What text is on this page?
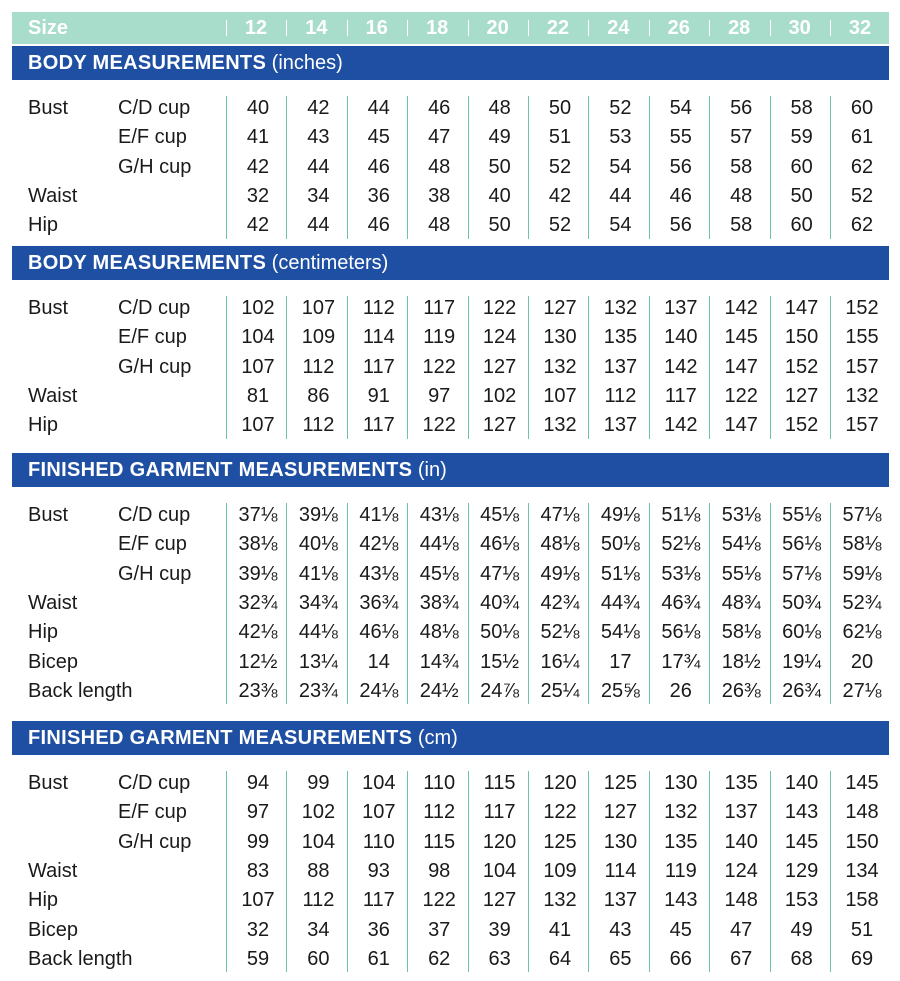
Size	12	14	16	18	20	22	24	26	28	30	32
BODY MEASUREMENTS (inches)
Bust C/D cup	40	42	44	46	48	50	52	54	56	58	60
E/F cup	41	43	45	47	49	51	53	55	57	59	61
G/H cup	42	44	46	48	50	52	54	56	58	60	62
Waist	32	34	36	38	40	42	44	46	48	50	52
Hip	42	44	46	48	50	52	54	56	58	60	62
BODY MEASUREMENTS (centimeters)
Bust C/D cup	102	107	112	117	122	127	132	137	142	147	152
E/F cup	104	109	114	119	124	130	135	140	145	150	155
G/H cup	107	112	117	122	127	132	137	142	147	152	157
Waist	81	86	91	97	102	107	112	117	122	127	132
Hip	107	112	117	122	127	132	137	142	147	152	157
FINISHED GARMENT MEASUREMENTS (in)
Bust C/D cup	37⅛	39⅛	41⅛	43⅛	45⅛	47⅛	49⅛	51⅛	53⅛	55⅛	57⅛
E/F cup	38⅛	40⅛	42⅛	44⅛	46⅛	48⅛	50⅛	52⅛	54⅛	56⅛	58⅛
G/H cup	39⅛	41⅛	43⅛	45⅛	47⅛	49⅛	51⅛	53⅛	55⅛	57⅛	59⅛
Waist	32¾	34¾	36¾	38¾	40¾	42¾	44¾	46¾	48¾	50¾	52¾
Hip	42⅛	44⅛	46⅛	48⅛	50⅛	52⅛	54⅛	56⅛	58⅛	60⅛	62⅛
Bicep	12½	13¼	14	14¾	15½	16¼	17	17¾	18½	19¼	20
Back length	23⅜	23¾	24⅛	24½	24⅞	25¼	25⅝	26	26⅜	26¾	27⅛
FINISHED GARMENT MEASUREMENTS (cm)
Bust C/D cup	94	99	104	110	115	120	125	130	135	140	145
E/F cup	97	102	107	112	117	122	127	132	137	143	148
G/H cup	99	104	110	115	120	125	130	135	140	145	150
Waist	83	88	93	98	104	109	114	119	124	129	134
Hip	107	112	117	122	127	132	137	143	148	153	158
Bicep	32	34	36	37	39	41	43	45	47	49	51
Back length	59	60	61	62	63	64	65	66	67	68	69
